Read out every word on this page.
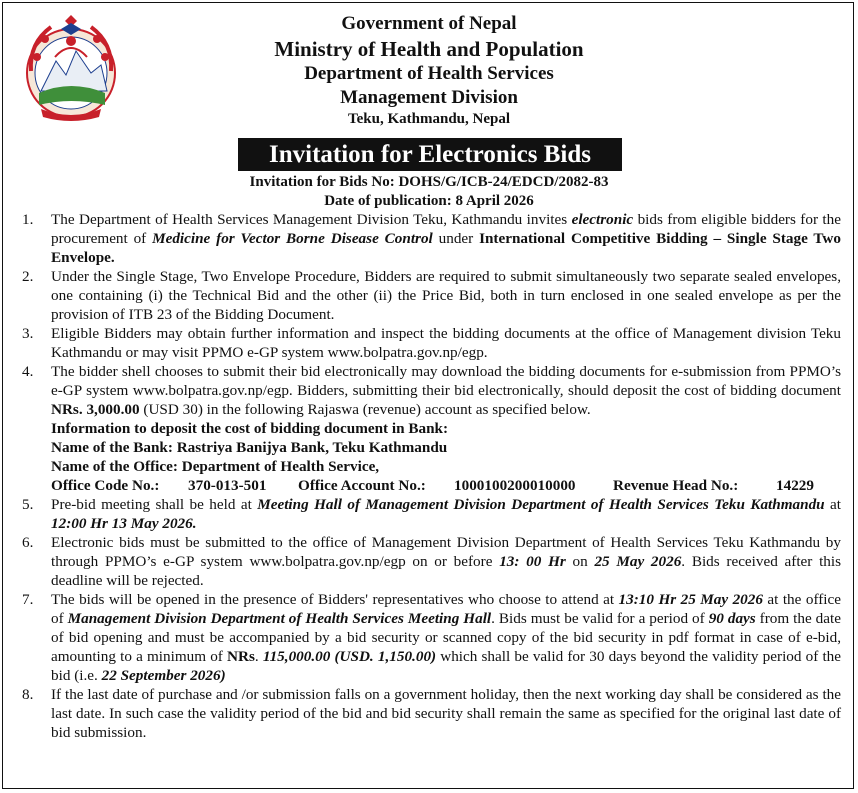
Government of Nepal
Ministry of Health and Population
Department of Health Services
Management Division
Teku, Kathmandu, Nepal
Invitation for Electronics Bids
Invitation for Bids No: DOHS/G/ICB-24/EDCD/2082-83
Date of publication: 8 April 2026
1. The Department of Health Services Management Division Teku, Kathmandu invites electronic bids from eligible bidders for the procurement of Medicine for Vector Borne Disease Control under International Competitive Bidding – Single Stage Two Envelope.
2. Under the Single Stage, Two Envelope Procedure, Bidders are required to submit simultaneously two separate sealed envelopes, one containing (i) the Technical Bid and the other (ii) the Price Bid, both in turn enclosed in one sealed envelope as per the provision of ITB 23 of the Bidding Document.
3. Eligible Bidders may obtain further information and inspect the bidding documents at the office of Management division Teku Kathmandu or may visit PPMO e-GP system www.bolpatra.gov.np/egp.
4. The bidder shell chooses to submit their bid electronically may download the bidding documents for e-submission from PPMO’s e-GP system www.bolpatra.gov.np/egp. Bidders, submitting their bid electronically, should deposit the cost of bidding document NRs. 3,000.00 (USD 30) in the following Rajaswa (revenue) account as specified below.
Information to deposit the cost of bidding document in Bank:
Name of the Bank: Rastriya Banijya Bank, Teku Kathmandu
Name of the Office: Department of Health Service,
Office Code No.:	370-013-501	Office Account No.:	1000100200010000	Revenue Head No.:	14229
5. Pre-bid meeting shall be held at Meeting Hall of Management Division Department of Health Services Teku Kathmandu at 12:00 Hr 13 May 2026.
6. Electronic bids must be submitted to the office of Management Division Department of Health Services Teku Kathmandu by through PPMO’s e-GP system www.bolpatra.gov.np/egp on or before 13: 00 Hr on 25 May 2026. Bids received after this deadline will be rejected.
7. The bids will be opened in the presence of Bidders' representatives who choose to attend at 13:10 Hr 25 May 2026 at the office of Management Division Department of Health Services Meeting Hall. Bids must be valid for a period of 90 days from the date of bid opening and must be accompanied by a bid security or scanned copy of the bid security in pdf format in case of e-bid, amounting to a minimum of NRs. 115,000.00 (USD. 1,150.00) which shall be valid for 30 days beyond the validity period of the bid (i.e. 22 September 2026)
8. If the last date of purchase and /or submission falls on a government holiday, then the next working day shall be considered as the last date. In such case the validity period of the bid and bid security shall remain the same as specified for the original last date of bid submission.
